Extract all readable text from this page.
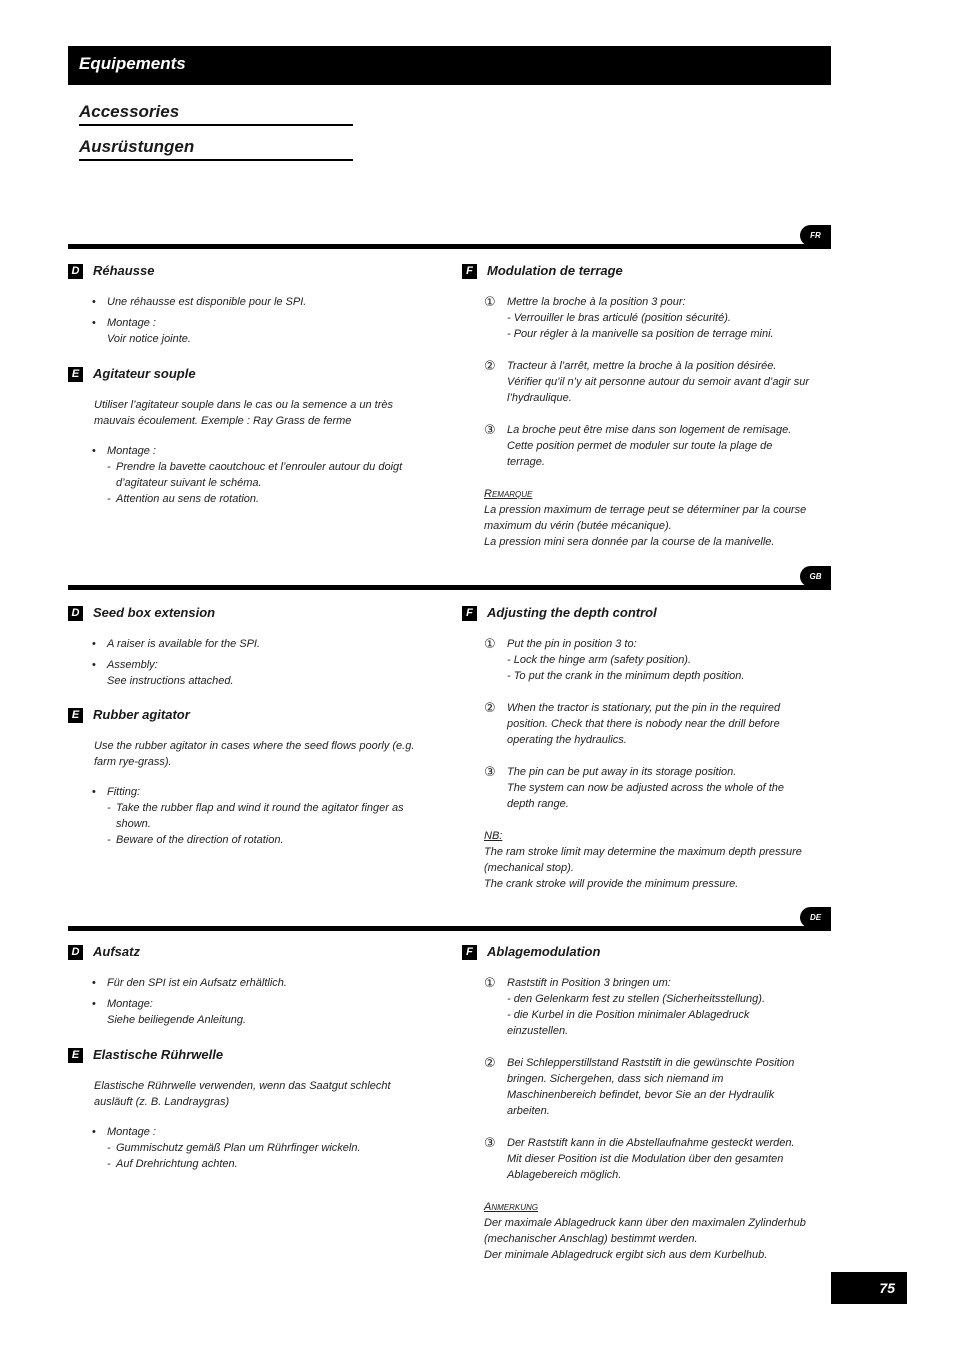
Equipements
Accessories
Ausrüstungen
FR
D Réhausse
• Une réhausse est disponible pour le SPI.
• Montage :
Voir notice jointe.
E Agitateur souple
Utiliser l’agitateur souple dans le cas ou la semence a un très mauvais écoulement. Exemple : Ray Grass de ferme
• Montage :
- Prendre la bavette caoutchouc et l’enrouler autour du doigt d’agitateur suivant le schéma.
- Attention au sens de rotation.
F	Modulation de terrage
① Mettre la broche à la position 3 pour:
- Verrouiller le bras articulé (position sécurité).
- Pour régler à la manivelle sa position de terrage mini.
② Tracteur à l’arrêt, mettre la broche à la position désirée. Vérifier qu’il n’y ait personne autour du semoir avant d’agir sur l’hydraulique.
③ La broche peut être mise dans son logement de remisage.
Cette position permet de moduler sur toute la plage de terrage.
Remarque
La pression maximum de terrage peut se déterminer par la course maximum du vérin (butée mécanique).
La pression mini sera donnée par la course de la manivelle.
GB
D Seed box extension
• A raiser is available for the SPI.
• Assembly:
See instructions attached.
E Rubber agitator
Use the rubber agitator in cases where the seed flows poorly (e.g. farm rye-grass).
• Fitting:
- Take the rubber flap and wind it round the agitator finger as shown.
- Beware of the direction of rotation.
F	Adjusting the depth control
① Put the pin in position 3 to:
- Lock the hinge arm (safety position).
- To put the crank in the minimum depth position.
② When the tractor is stationary, put the pin in the required position. Check that there is nobody near the drill before operating the hydraulics.
③ The pin can be put away in its storage position.
The system can now be adjusted across the whole of the depth range.
NB:
The ram stroke limit may determine the maximum depth pressure (mechanical stop).
The crank stroke will provide the minimum pressure.
DE
D Aufsatz
• Für den SPI ist ein Aufsatz erhältlich.
• Montage:
Siehe beiliegende Anleitung.
E Elastische Rührwelle
Elastische Rührwelle verwenden, wenn das Saatgut schlecht ausläuft (z. B. Landraygras)
• Montage :
- Gummischutz gemäß Plan um Rührfinger wickeln.
- Auf Drehrichtung achten.
F	Ablagemodulation
① Raststift in Position 3 bringen um:
- den Gelenkarm fest zu stellen (Sicherheitsstellung).
- die Kurbel in die Position minimaler Ablagedruck einzustellen.
② Bei Schlepperstillstand Raststift in die gewünschte Position bringen. Sichergehen, dass sich niemand im Maschinenbereich befindet, bevor Sie an der Hydraulik arbeiten.
③ Der Raststift kann in die Abstellaufnahme gesteckt werden.
Mit dieser Position ist die Modulation über den gesamten Ablagebereich möglich.
Anmerkung
Der maximale Ablagedruck kann über den maximalen Zylinderhub (mechanischer Anschlag) bestimmt werden.
Der minimale Ablagedruck ergibt sich aus dem Kurbelhub.
75
